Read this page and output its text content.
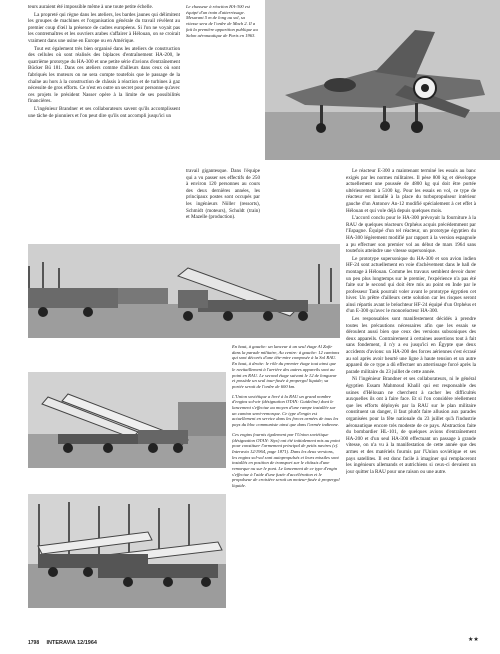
teurs auraient été impossible même à une toute petite échelle.

La propreté qui règne dans les ateliers, les bardes jaunes qui délimitent les groupes de machines et l'organisation générale du travail révèlent au premier coup d'œil la présence de cadres européens. Si l'on ne voyait pas les contremaîtres et les ouvriers arabes s'affairer à Hélouan, on se croirait vraiment dans une usine en Europe ou en Amérique.

Tout est également très bien organisé dans les ateliers de construction des cellules où sont réalisés des biplaces d'entraînement HA-200, le quatrième prototype du HA-300 et une petite série d'avions d'entraînement Bücker Bü 181. Dans ces ateliers comme d'ailleurs dans ceux où sont fabriqués les moteurs on ne sera compte toutefois que le passage de la chaîne au hors à la construction de châssis à réaction et de turbines à gaz nécessite de gros efforts. Ce n'est en outre un secret pour personne qu'avec ces projets le président Nasser opère à la limite de ses possibilités financières.

L'ingénieur Brandner et ses collaborateurs savent qu'ils accomplissent une tâche de pionniers et l'on peut dire qu'ils ont accompli jusqu'ici un

Le chasseur à réaction HA-300 est équipé d'un train d'atterrissage. Mesurant 5 m de long au sol, sa vitesse sera de l'ordre de Mach 2. Il a fait la première apparition publique au Salon aéronautique de Paris en 1963.

travail gigantesque. Dans l'équipe qui a vu passer ses effectifs de 250 à environ 120 personnes au cours des deux dernières années, les principaux postes sont occupés par les ingénieurs Nöller (ressorts), Schmidt (moteurs), Schuldt (train) et Mazelle (production).

Le réacteur E-300 a maintenant terminé les essais au banc exigés par les normes militaires. Il pèse 800 kg et développe actuellement une poussée de 4800 kg qui doit être portée ultérieurement à 5100 kg. Pour les essais en vol, ce type de réacteur est installé à la place du turbopropulseur intérieur gauche d'un Antonov An-12 modifié spécialement à cet effet à Hélouan et qui vole déjà depuis quelques mois.

L'accord conclu pour le HA-300 prévoyait la fourniture à la RAU de quelques réacteurs Orphéus acquis précédemment par l'Espagne. Équipé d'un tel réacteur, un prototype égyptien du HA-300 légèrement modifié par rapport à la version espagnole a pu effectuer son premier vol au début de mars 1964 sans toutefois atteindre une vitesse supersonique.

Le prototype supersonique du HA-300 et son avion indien HF-24 sont actuellement en voie d'achèvement dans le hall de montage à Hélouan. Comme les travaux semblent devoir durer un peu plus longtemps sur le premier, l'expérience n'a pas été faite sur le second qui doit être mis au point en Inde par le professeur Tank pourrait voler avant le prototype égyptien cet hiver. Un prêtre d'ailleurs cette solution car les risques seront ainsi répartis avant le bréachteur HF-24 équipé d'un Orphéus et d'un E-300 qu'avec le monoréacteur HA-300.

Les responsables sont manifestement décidés à prendre toutes les précautions nécessaires afin que les essais se déroulent aussi bien que ceux des versions subsoniques des deux appareils. Contrairement à certaines assertions tout à fait sans fondement, il n'y a eu jusqu'ici en Égypte que deux accidents d'avions: un HA-200 des forces aériennes s'est écrasé au sol après avoir heurté une ligne à haute tension et un autre appareil de ce type a dû effectuer un atterrissage forcé après la parade militaire du 23 juillet de cette année.

Ni l'ingénieur Brandner et ses collaborateurs, ni le général égyptien Essam Mahmoud Khalil qui est responsable des usines d'Hélouan ne cherchent à cacher les difficultés auxquelles ils ont à faire face. Et si l'on considère réellement que les efforts déployés par la RAU sur le plan militaire constituent un danger, il faut plutôt faire allusion aux parades organisées pour la fête nationale du 23 juillet qu'à l'industrie aéronautique encore très modeste de ce pays. Abstraction faite du bombardier HL-101, de quelques avions d'entraînement HA-200 et d'un seul HA-300 effectuant un passage à grande vitesse, on n'a vu à la manifestation de cette année que des armes et des matériels fournis par l'Union soviétique et ses pays satellites. Il est donc facile à imaginer qui remplaceront les ingénieurs allemands et autrichiens si ceux-ci devaient un jour quitter la RAU pour une raison ou une autre.

En haut, à gauche: un lanceur à un seul étage Al Zafir dans la parade militaire, Au centre: à gauche: 12 camions qui sont décorés d'une tête-mire composée à la Sol RAU. En haut, à droite: le rôle du premier étage tout ainsi que le ravitaillement à l'arrière des autres appareils sont au point en RAU. Le second étage suivant le 12 de longueur et possède un seul tour-fusée à propergol liquide; sa portée serait de l'ordre de 600 km.

L'Union soviétique a livré à la RAU un grand nombre d'engins sol-air (désignation OTAN: Guideline) dont le lancement s'effectue au moyen d'une rampe installée sur un camion semi-remorque. Ce type d'engin est actuellement en service dans les forces armées de tous les pays du bloc communiste ainsi que dans l'armée indienne.

Ces engins fournis également par l'Union soviétique (désignation OTAN: Styx) ont été initialement mis au point pour constituer l'armement principal de petits navires (cf. Interavia 12/1964, page 1871). Dans les deux versions, les engins sol-sol sont autopropulsés et leurs missiles sont installés en position de transport sur le châssis d'une remorque ou sur le pont. Le lancement de ce type d'engin s'effectue à l'aide d'une fusée d'accélération et le propulseur de croisière serait un moteur-fusée à propergol liquide.

1798 INTERAVIA 12/1964	★★
